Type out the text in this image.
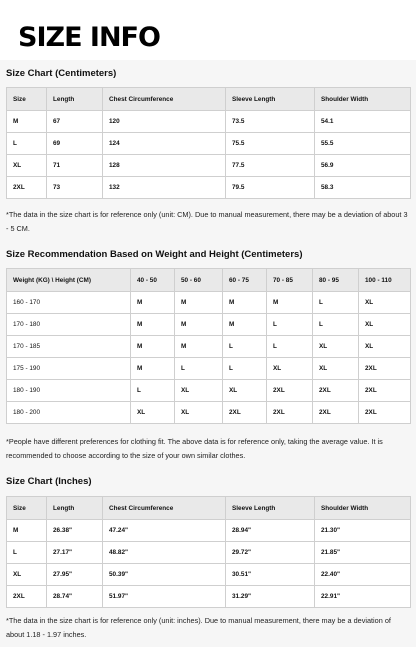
SIZE INFO
Size Chart (Centimeters)
Size	Length	Chest Circumference	Sleeve Length	Shoulder Width
M	67	120	73.5	54.1
L	69	124	75.5	55.5
XL	71	128	77.5	56.9
2XL	73	132	79.5	58.3
*The data in the size chart is for reference only (unit: CM). Due to manual measurement, there may be a deviation of about 3 - 5 CM.
Size Recommendation Based on Weight and Height (Centimeters)
Weight (KG) \ Height (CM)	40 - 50	50 - 60	60 - 75	70 - 85	80 - 95	100 - 110
160 - 170	M	M	M	M	L	XL
170 - 180	M	M	M	L	L	XL
170 - 185	M	M	L	L	XL	XL
175 - 190	M	L	L	XL	XL	2XL
180 - 190	L	XL	XL	2XL	2XL	2XL
180 - 200	XL	XL	2XL	2XL	2XL	2XL
*People have different preferences for clothing fit. The above data is for reference only, taking the average value. It is recommended to choose according to the size of your own similar clothes.
Size Chart (Inches)
Size	Length	Chest Circumference	Sleeve Length	Shoulder Width
M	26.38"	47.24"	28.94"	21.30"
L	27.17"	48.82"	29.72"	21.85"
XL	27.95"	50.39"	30.51"	22.40"
2XL	28.74"	51.97"	31.29"	22.91"
*The data in the size chart is for reference only (unit: inches). Due to manual measurement, there may be a deviation of about 1.18 - 1.97 inches.
